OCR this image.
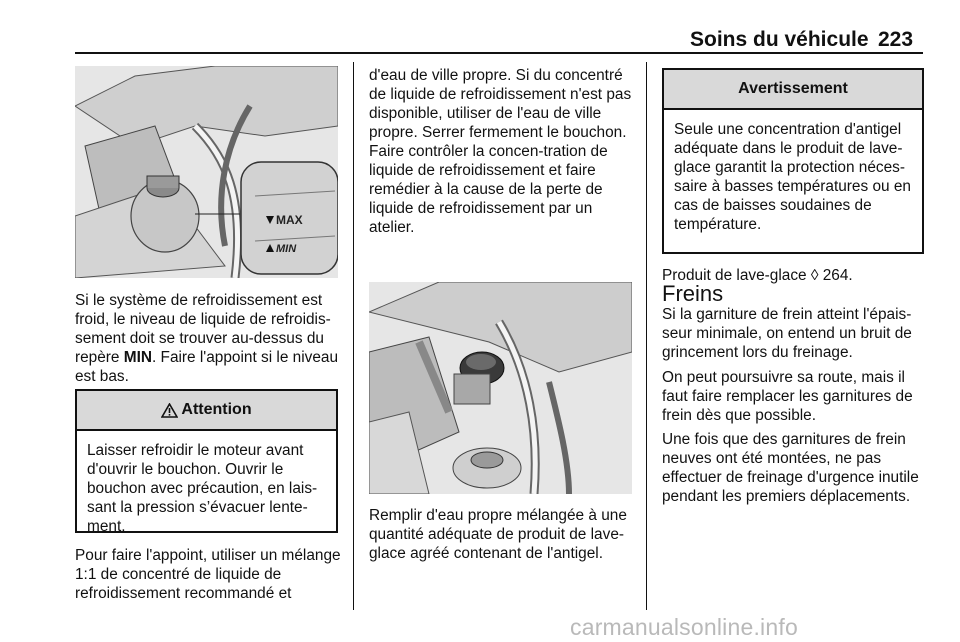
Soins du véhicule 223
MAX
MIN

Si le système de refroidissement est froid, le niveau de liquide de refroidis-sement doit se trouver au-dessus du repère MIN. Faire l'appoint si le niveau est bas.

Attention
Laisser refroidir le moteur avant d'ouvrir le bouchon. Ouvrir le bouchon avec précaution, en lais-sant la pression s’évacuer lente-ment.

Pour faire l'appoint, utiliser un mélange 1:1 de concentré de liquide de refroidissement recommandé et

d'eau de ville propre. Si du concentré de liquide de refroidissement n'est pas disponible, utiliser de l'eau de ville propre. Serrer fermement le bouchon. Faire contrôler la concen-tration de liquide de refroidissement et faire remédier à la cause de la perte de liquide de refroidissement par un atelier.

Remplir d'eau propre mélangée à une quantité adéquate de produit de lave-glace agréé contenant de l'antigel.

Avertissement
Seule une concentration d'antigel adéquate dans le produit de lave-glace garantit la protection néces-saire à basses températures ou en cas de baisses soudaines de température.

Produit de lave-glace ◊ 264.

Freins

Si la garniture de frein atteint l'épais-seur minimale, on entend un bruit de grincement lors du freinage.

On peut poursuivre sa route, mais il faut faire remplacer les garnitures de frein dès que possible.

Une fois que des garnitures de frein neuves ont été montées, ne pas effectuer de freinage d'urgence inutile pendant les premiers déplacements.

carmanualsonline.info
